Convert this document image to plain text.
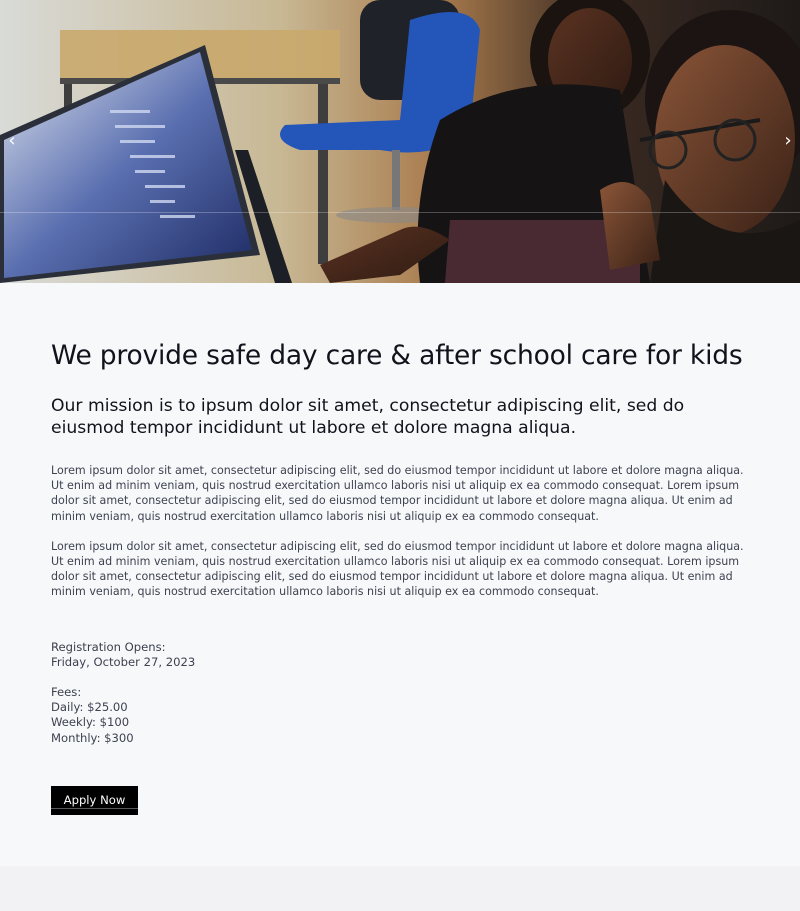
‹	›
We provide safe day care & after school care for kids
Our mission is to ipsum dolor sit amet, consectetur adipiscing elit, sed do eiusmod tempor incididunt ut labore et dolore magna aliqua.

Lorem ipsum dolor sit amet, consectetur adipiscing elit, sed do eiusmod tempor incididunt ut labore et dolore magna aliqua. Ut enim ad minim veniam, quis nostrud exercitation ullamco laboris nisi ut aliquip ex ea commodo consequat. Lorem ipsum dolor sit amet, consectetur adipiscing elit, sed do eiusmod tempor incididunt ut labore et dolore magna aliqua. Ut enim ad minim veniam, quis nostrud exercitation ullamco laboris nisi ut aliquip ex ea commodo consequat.

Lorem ipsum dolor sit amet, consectetur adipiscing elit, sed do eiusmod tempor incididunt ut labore et dolore magna aliqua. Ut enim ad minim veniam, quis nostrud exercitation ullamco laboris nisi ut aliquip ex ea commodo consequat. Lorem ipsum dolor sit amet, consectetur adipiscing elit, sed do eiusmod tempor incididunt ut labore et dolore magna aliqua. Ut enim ad minim veniam, quis nostrud exercitation ullamco laboris nisi ut aliquip ex ea commodo consequat.

Registration Opens:
Friday, October 27, 2023
Fees:
Daily: $25.00
Weekly: $100
Monthly: $300
Apply Now
